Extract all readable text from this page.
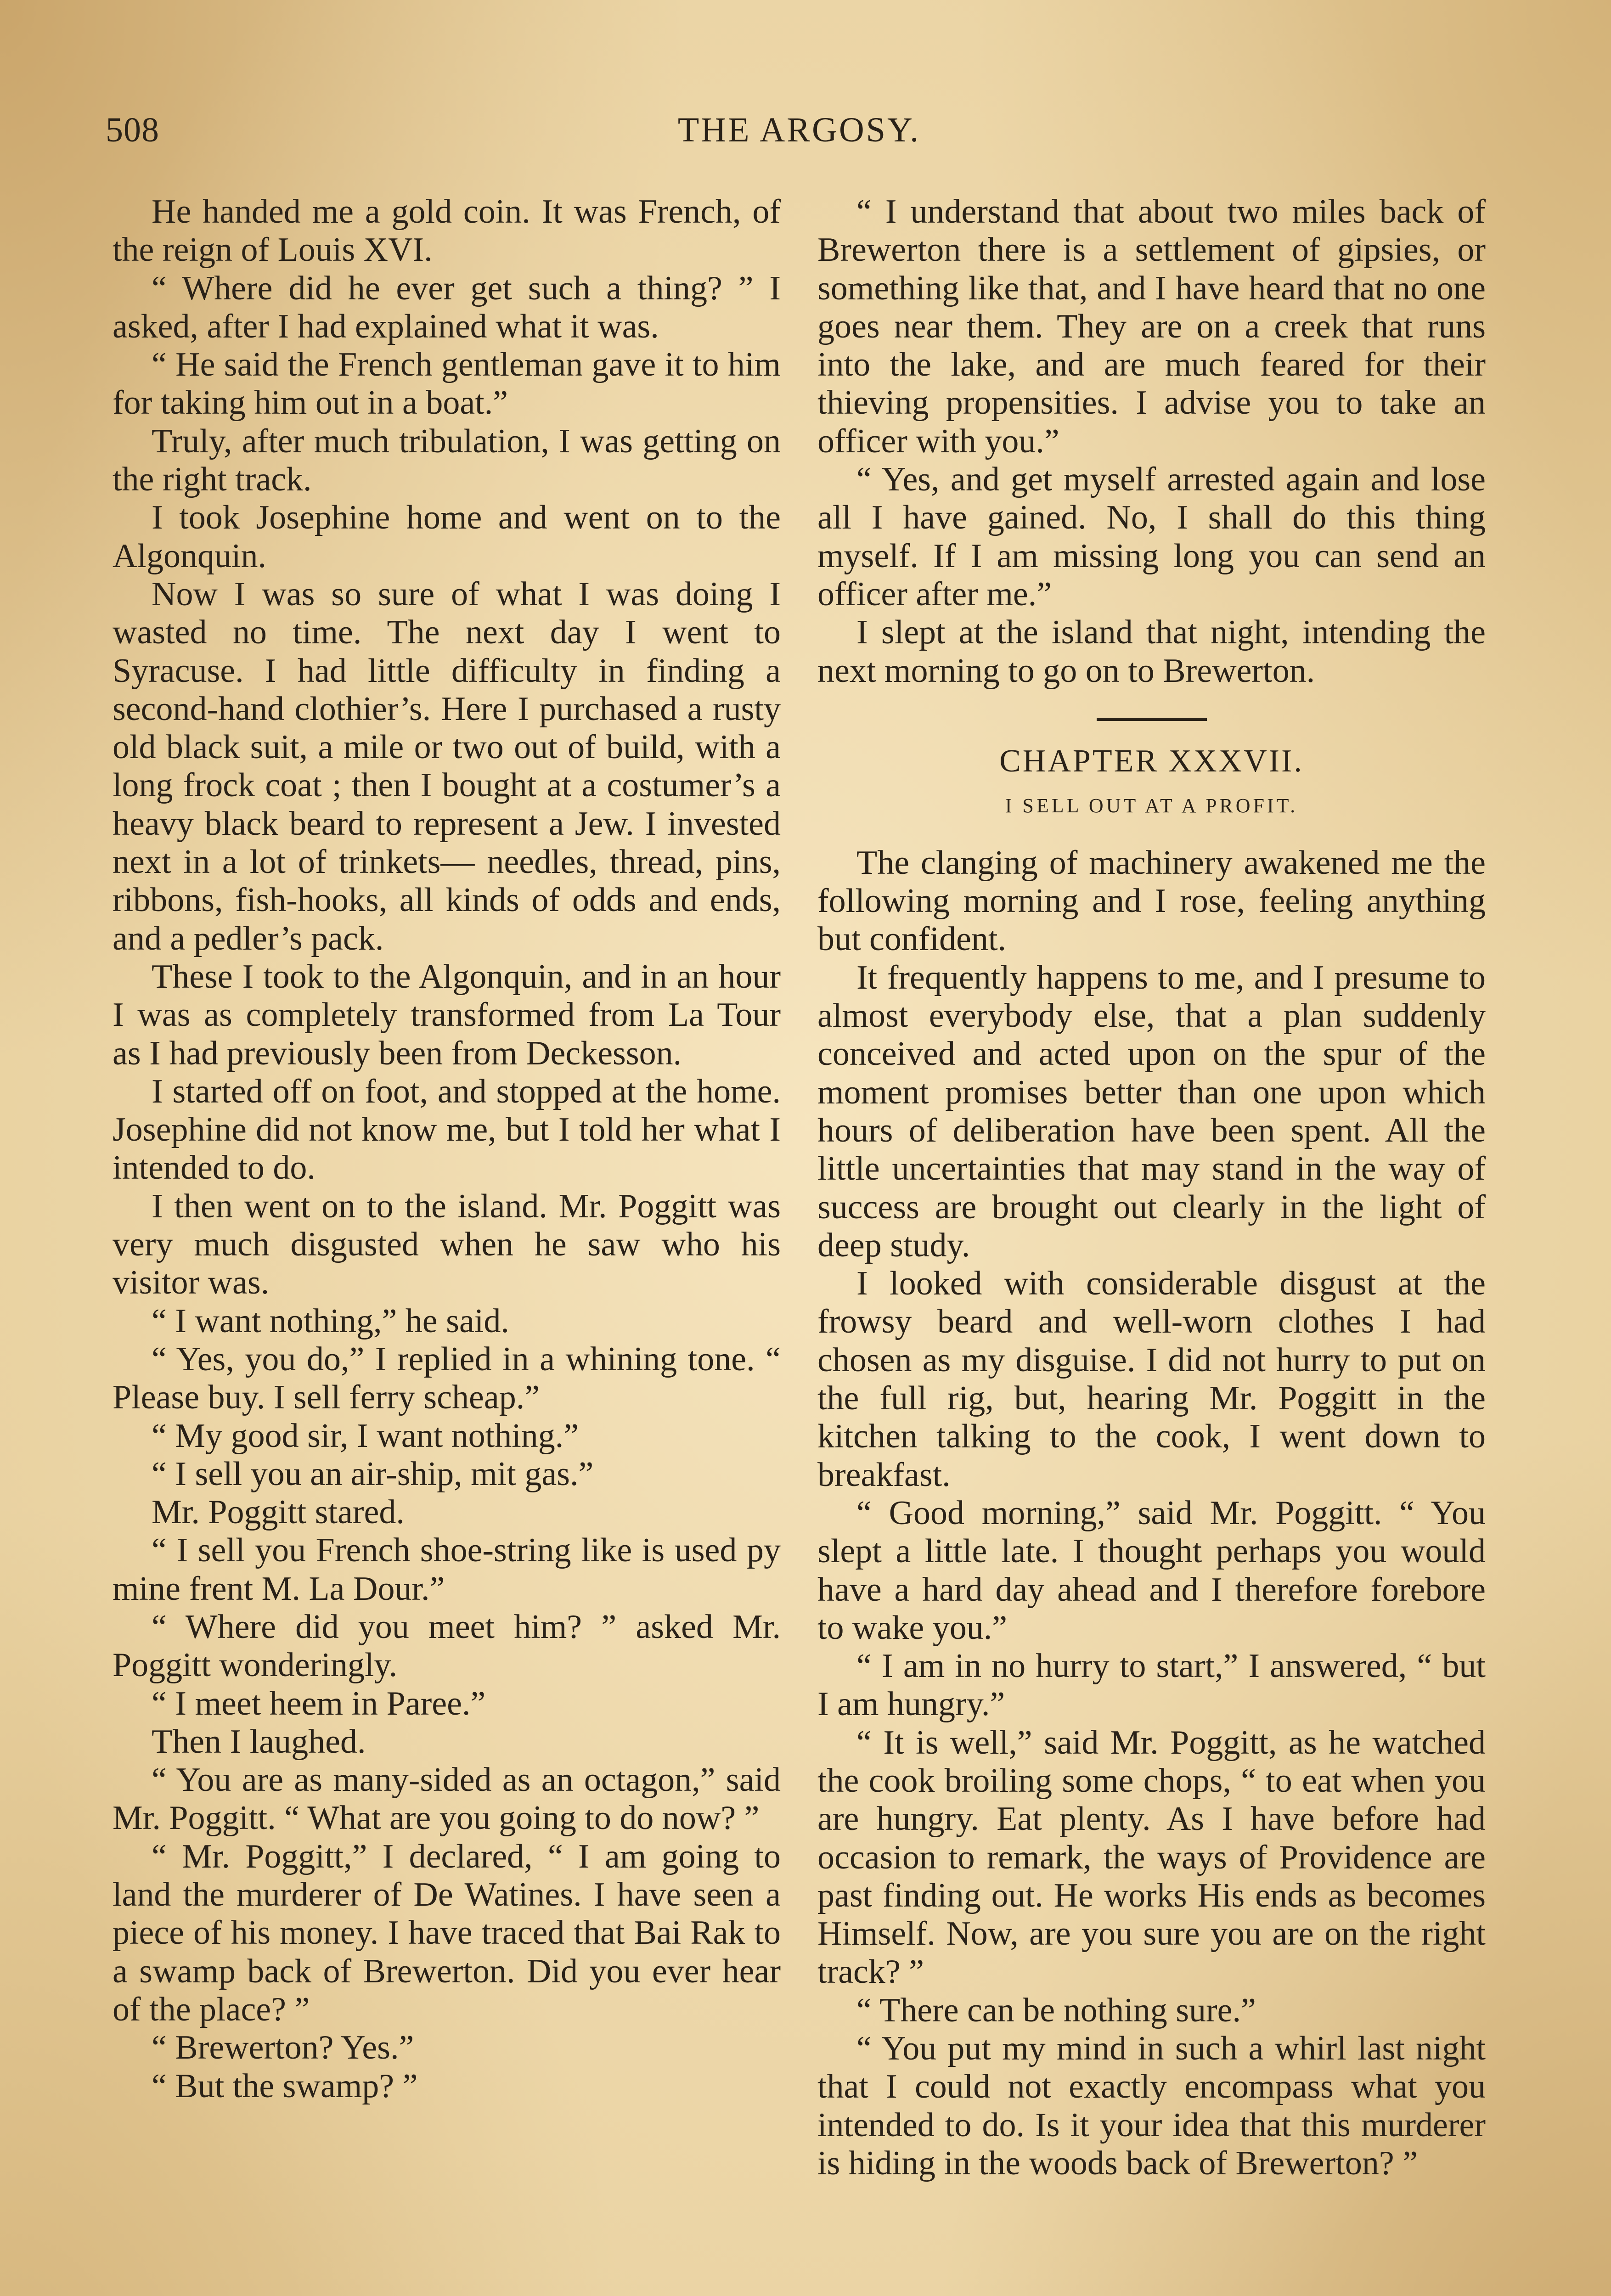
508	THE ARGOSY.

He handed me a gold coin. It was French, of the reign of Louis XVI.

“ Where did he ever get such a thing? ” I asked, after I had explained what it was.

“ He said the French gentleman gave it to him for taking him out in a boat.”

Truly, after much tribulation, I was getting on the right track.

I took Josephine home and went on to the Algonquin.

Now I was so sure of what I was doing I wasted no time. The next day I went to Syracuse. I had little difficulty in finding a second-hand clothier’s. Here I purchased a rusty old black suit, a mile or two out of build, with a long frock coat ; then I bought at a costumer’s a heavy black beard to represent a Jew. I invested next in a lot of trinkets— needles, thread, pins, ribbons, fish-hooks, all kinds of odds and ends, and a pedler’s pack.

These I took to the Algonquin, and in an hour I was as completely transformed from La Tour as I had previously been from Deckesson.

I started off on foot, and stopped at the home. Josephine did not know me, but I told her what I intended to do.

I then went on to the island. Mr. Poggitt was very much disgusted when he saw who his visitor was.

“ I want nothing,” he said.

“ Yes, you do,” I replied in a whining tone. “ Please buy. I sell ferry scheap.”

“ My good sir, I want nothing.”

“ I sell you an air-ship, mit gas.”

Mr. Poggitt stared.

“ I sell you French shoe-string like is used py mine frent M. La Dour.”

“ Where did you meet him? ” asked Mr. Poggitt wonderingly.

“ I meet heem in Paree.”

Then I laughed.

“ You are as many-sided as an octagon,” said Mr. Poggitt. “ What are you going to do now? ”

“ Mr. Poggitt,” I declared, “ I am going to land the murderer of De Watines. I have seen a piece of his money. I have traced that Bai Rak to a swamp back of Brewerton. Did you ever hear of the place? ”

“ Brewerton? Yes.”

“ But the swamp? ”

“ I understand that about two miles back of Brewerton there is a settlement of gipsies, or something like that, and I have heard that no one goes near them. They are on a creek that runs into the lake, and are much feared for their thieving propensities. I advise you to take an officer with you.”

“ Yes, and get myself arrested again and lose all I have gained. No, I shall do this thing myself. If I am missing long you can send an officer after me.”

I slept at the island that night, intending the next morning to go on to Brewerton.

CHAPTER XXXVII.

I SELL OUT AT A PROFIT.

The clanging of machinery awakened me the following morning and I rose, feeling anything but confident.

It frequently happens to me, and I presume to almost everybody else, that a plan suddenly conceived and acted upon on the spur of the moment promises better than one upon which hours of deliberation have been spent. All the little uncertainties that may stand in the way of success are brought out clearly in the light of deep study.

I looked with considerable disgust at the frowsy beard and well-worn clothes I had chosen as my disguise. I did not hurry to put on the full rig, but, hearing Mr. Poggitt in the kitchen talking to the cook, I went down to breakfast.

“ Good morning,” said Mr. Poggitt. “ You slept a little late. I thought perhaps you would have a hard day ahead and I therefore forebore to wake you.”

“ I am in no hurry to start,” I answered, “ but I am hungry.”

“ It is well,” said Mr. Poggitt, as he watched the cook broiling some chops, “ to eat when you are hungry. Eat plenty. As I have before had occasion to remark, the ways of Providence are past finding out. He works His ends as becomes Himself. Now, are you sure you are on the right track? ”

“ There can be nothing sure.”

“ You put my mind in such a whirl last night that I could not exactly encompass what you intended to do. Is it your idea that this murderer is hiding in the woods back of Brewerton? ”
